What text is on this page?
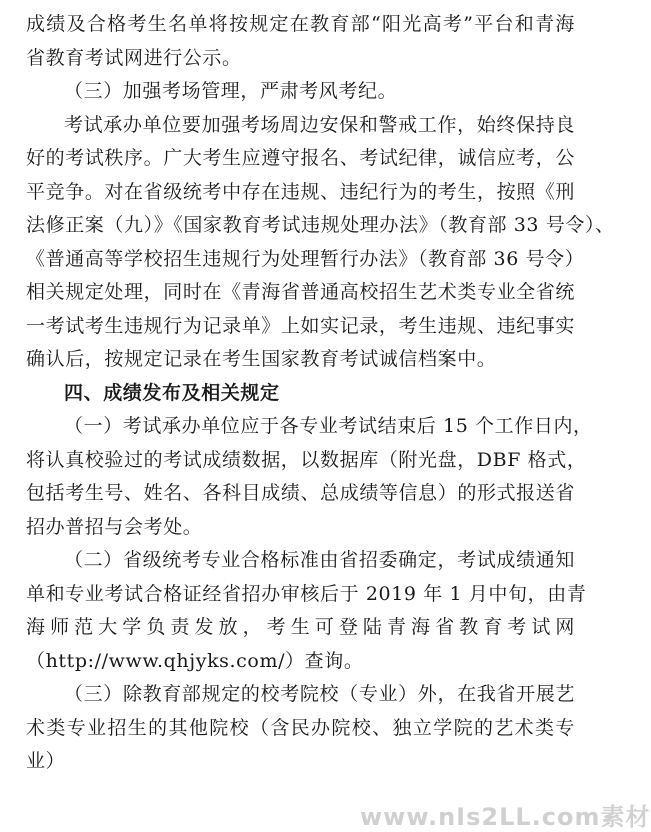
成绩及合格考生名单将按规定在教育部“阳光高考”平台和青海
省教育考试网进行公示。
（三）加强考场管理，严肃考风考纪。
考试承办单位要加强考场周边安保和警戒工作，始终保持良
好的考试秩序。广大考生应遵守报名、考试纪律，诚信应考，公
平竞争。对在省级统考中存在违规、违纪行为的考生，按照《刑
法修正案（九）》《国家教育考试违规处理办法》（教育部 33 号令）、
《普通高等学校招生违规行为处理暂行办法》（教育部 36 号令）
相关规定处理，同时在《青海省普通高校招生艺术类专业全省统
一考试考生违规行为记录单》上如实记录，考生违规、违纪事实
确认后，按规定记录在考生国家教育考试诚信档案中。
四、成绩发布及相关规定
（一）考试承办单位应于各专业考试结束后 15 个工作日内，
将认真校验过的考试成绩数据，以数据库（附光盘，DBF 格式，
包括考生号、姓名、各科目成绩、总成绩等信息）的形式报送省
招办普招与会考处。
（二）省级统考专业合格标准由省招委确定，考试成绩通知
单和专业考试合格证经省招办审核后于 2019 年 1 月中旬，由青
海师范大学负责发放，考生可登陆青海省教育考试网
（http://www.qhjyks.com/）查询。
（三）除教育部规定的校考院校（专业）外，在我省开展艺
术类专业招生的其他院校（含民办院校、独立学院的艺术类专
业）
www.nIs2LL.com素材
